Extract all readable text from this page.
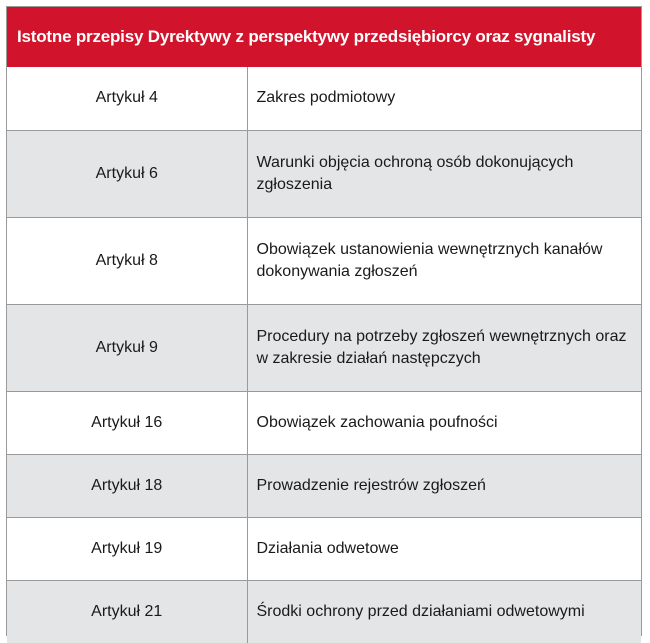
Istotne przepisy Dyrektywy z perspektywy przedsiębiorcy oraz sygnalisty
Artykuł 4	Zakres podmiotowy
Artykuł 6	Warunki objęcia ochroną osób dokonujących zgłoszenia
Artykuł 8	Obowiązek ustanowienia wewnętrznych kanałów dokonywania zgłoszeń
Artykuł 9	Procedury na potrzeby zgłoszeń wewnętrznych oraz w zakresie działań następczych
Artykuł 16	Obowiązek zachowania poufności
Artykuł 18	Prowadzenie rejestrów zgłoszeń
Artykuł 19	Działania odwetowe
Artykuł 21	Środki ochrony przed działaniami odwetowymi
